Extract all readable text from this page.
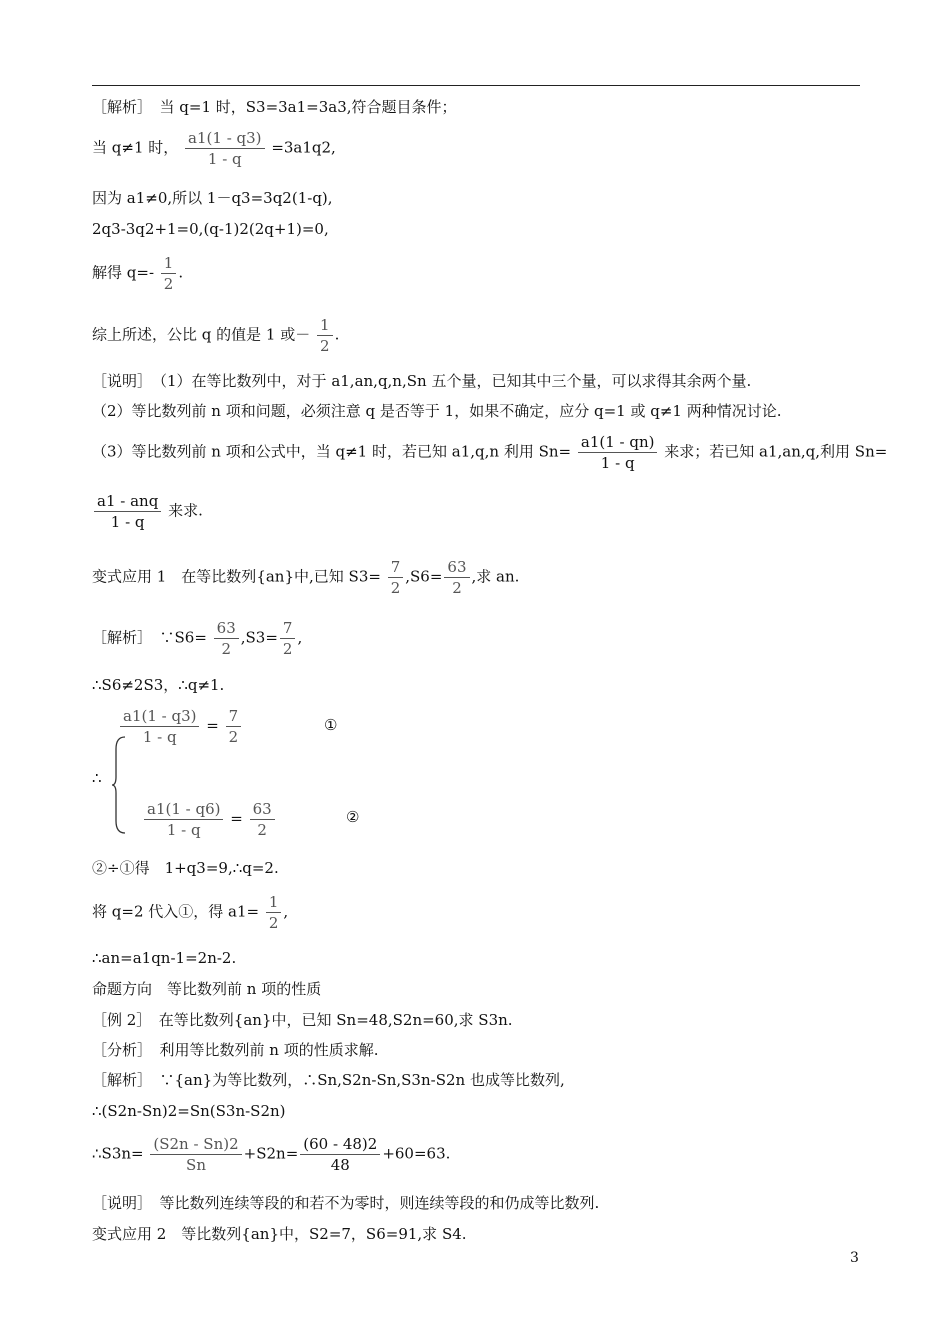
［解析］　当 q=1 时，S3=3a1=3a3,符合题目条件；
当 q≠1 时， $\frac{a1(1 - q3)}{1 - q} =3a1q2$,
因为 a1≠0,所以 1－q3=3q2(1-q),
2q3-3q2+1=0,(q-1)2(2q+1)=0,
解得 $q=- \frac{1}{2}$ .
综上所述，公比 q 的值是 1 或－ $\frac{1}{2}$ .
［说明］　（1）在等比数列中，对于 a1,an,q,n,Sn 五个量，已知其中三个量，可以求得其余两个量.
（2）等比数列前 n 项和问题，必须注意 q 是否等于 1，如果不确定，应分 q=1 或 q≠1 两种情况讨论.
（3）等比数列前 n 项和公式中，当 q≠1 时，若已知 a1,q,n 利用 $Sn= \frac{a1(1 - qn)}{1 - q}$ 来求；若已知 a1,an,q,利用 Sn=
$\frac{\text{a1 - anq}}{1 - q}$ 来求.
变式应用 1　在等比数列{an}中,已知 $S3= \frac{7}{2} ,S6= \frac{63}{2}$ ,求 an.
［解析］　∵S6= $\frac{63}{2} ,S3= \frac{7}{2}$ ,
∴S6≠2S3，∴q≠1.
$\frac{a1(1 - q3)}{1 - q} = \frac{7}{2}$	①
∴
$\frac{a1(1 - q6)}{1 - q} = \frac{63}{2}$	②
②÷①得　1+q3=9,∴q=2.
将 q=2 代入①，得 $a1= \frac{1}{2}$ ,
∴an=a1qn-1=2n-2.
命题方向　等比数列前 n 项的性质
［例 2］　在等比数列{an}中，已知 Sn=48,S2n=60,求 S3n.
［分析］　利用等比数列前 n 项的性质求解.
［解析］　∵{an}为等比数列，∴Sn,S2n-Sn,S3n-S2n 也成等比数列,
∴(S2n-Sn)2=Sn(S3n-S2n)
∴S3n= $\frac{(S2n - Sn)2}{Sn} +S2n= \frac{(60 - 48)2}{48} +60=63$.
［说明］　等比数列连续等段的和若不为零时，则连续等段的和仍成等比数列.
变式应用 2　等比数列{an}中，S2=7，S6=91,求 S4.
3
